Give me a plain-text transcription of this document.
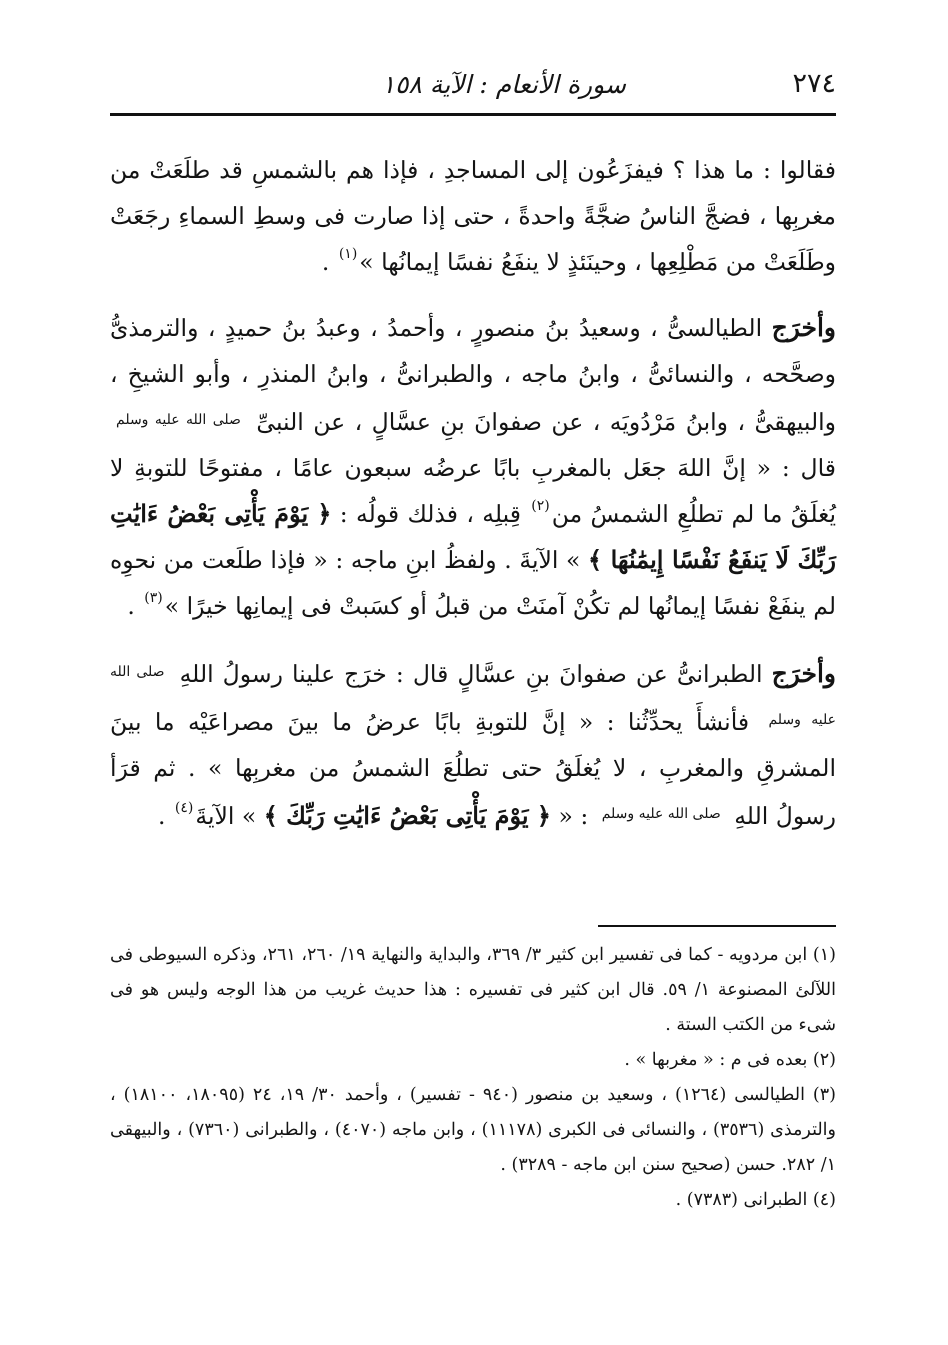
٢٧٤
سورة الأنعام : الآية ١٥٨

فقالوا : ما هذا ؟ فيفزَعُون إلى المساجدِ ، فإذا هم بالشمسِ قد طلَعَتْ من مغربِها ، فضجَّ الناسُ ضجَّةً واحدةً ، حتى إذا صارت فى وسطِ السماءِ رجَعَتْ وطَلَعَتْ من مَطْلِعِها ، وحينَئذٍ لا ينفَعُ نفسًا إيمانُها »$^{(١)}$ .

وأخرَج الطيالسىُّ ، وسعيدُ بنُ منصورٍ ، وأحمدُ ، وعبدُ بنُ حميدٍ ، والترمذىُّ وصحَّحه ، والنسائىُّ ، وابنُ ماجه ، والطبرانىُّ ، وابنُ المنذرِ ، وأبو الشيخِ ، والبيهقىُّ ، وابنُ مَرْدُويَه ، عن صفوانَ بنِ عسَّالٍ ، عن النبىِّ $^{صلى الله عليه وسلم}$ قال : « إنَّ اللهَ جعَل بالمغربِ بابًا عرضُه سبعون عامًا ، مفتوحًا للتوبةِ لا يُغلَقُ ما لم تطلُعِ الشمسُ من$^{(٢)}$ قِبلِه ، فذلك قولُه : ﴿ يَوْمَ يَأْتِى بَعْضُ ءَايَٰتِ رَبِّكَ لَا يَنفَعُ نَفْسًا إِيمَٰنُهَا ﴾ » الآيةَ . ولفظُ ابنِ ماجه : « فإذا طلَعت من نحوِه لم ينفَعْ نفسًا إيمانُها لم تكُنْ آمنَتْ من قبلُ أو كسَبتْ فى إيمانِها خيرًا »$^{(٣)}$ .

وأخرَج الطبرانىُّ عن صفوانَ بنِ عسَّالٍ قال : خرَج علينا رسولُ اللهِ $^{صلى الله عليه وسلم}$ فأنشأَ يحدِّثُنا : « إنَّ للتوبةِ بابًا عرضُ ما بينَ مصراعَيْه ما بينَ المشرقِ والمغربِ ، لا يُغلَقُ حتى تطلُعَ الشمسُ من مغربِها » . ثم قرَأ رسولُ اللهِ $^{صلى الله عليه وسلم}$ : « ﴿ يَوْمَ يَأْتِى بَعْضُ ءَايَٰتِ رَبِّكَ ﴾ » الآيةَ$^{(٤)}$ .

(١) ابن مردويه - كما فى تفسير ابن كثير ٣/ ٣٦٩، والبداية والنهاية ١٩/ ٢٦٠، ٢٦١، وذكره السيوطى فى اللآلئ المصنوعة ١/ ٥٩. قال ابن كثير فى تفسيره : هذا حديث غريب من هذا الوجه وليس هو فى شىء من الكتب الستة .

(٢) بعده فى م : « مغربها » .

(٣) الطيالسى (١٢٦٤) ، وسعيد بن منصور (٩٤٠ - تفسير) ، وأحمد ٣٠/ ١٩، ٢٤ (١٨٠٩٥، ١٨١٠٠) ، والترمذى (٣٥٣٦) ، والنسائى فى الكبرى (١١١٧٨) ، وابن ماجه (٤٠٧٠) ، والطبرانى (٧٣٦٠) ، والبيهقى ١/ ٢٨٢. حسن (صحيح سنن ابن ماجه - ٣٢٨٩) .

(٤) الطبرانى (٧٣٨٣) .
